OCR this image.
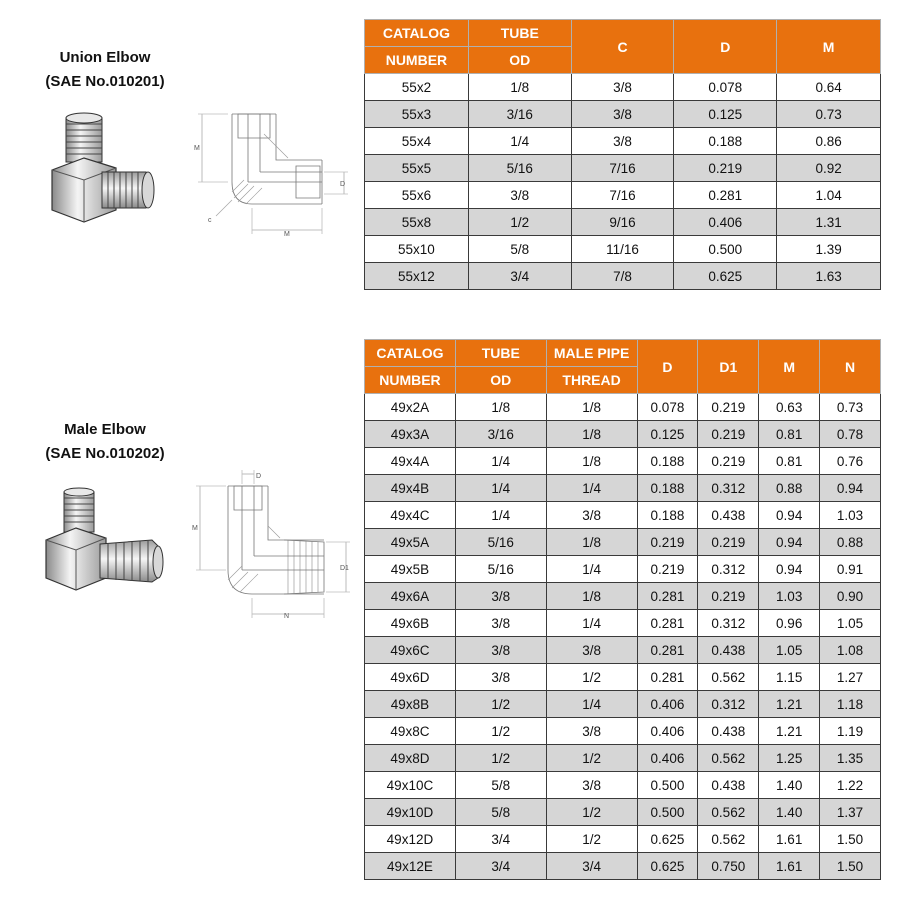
Union Elbow
(SAE No.010201)
M
D
c
M
CATALOG	TUBE	C	D	M
NUMBER	OD			
55x2	1/8	3/8	0.078	0.64
55x3	3/16	3/8	0.125	0.73
55x4	1/4	3/8	0.188	0.86
55x5	5/16	7/16	0.219	0.92
55x6	3/8	7/16	0.281	1.04
55x8	1/2	9/16	0.406	1.31
55x10	5/8	11/16	0.500	1.39
55x12	3/4	7/8	0.625	1.63
Male Elbow
(SAE No.010202)
D
M
D1
N
CATALOG	TUBE	MALE PIPE	D	D1	M	N
NUMBER	OD	THREAD				
49x2A	1/8	1/8	0.078	0.219	0.63	0.73
49x3A	3/16	1/8	0.125	0.219	0.81	0.78
49x4A	1/4	1/8	0.188	0.219	0.81	0.76
49x4B	1/4	1/4	0.188	0.312	0.88	0.94
49x4C	1/4	3/8	0.188	0.438	0.94	1.03
49x5A	5/16	1/8	0.219	0.219	0.94	0.88
49x5B	5/16	1/4	0.219	0.312	0.94	0.91
49x6A	3/8	1/8	0.281	0.219	1.03	0.90
49x6B	3/8	1/4	0.281	0.312	0.96	1.05
49x6C	3/8	3/8	0.281	0.438	1.05	1.08
49x6D	3/8	1/2	0.281	0.562	1.15	1.27
49x8B	1/2	1/4	0.406	0.312	1.21	1.18
49x8C	1/2	3/8	0.406	0.438	1.21	1.19
49x8D	1/2	1/2	0.406	0.562	1.25	1.35
49x10C	5/8	3/8	0.500	0.438	1.40	1.22
49x10D	5/8	1/2	0.500	0.562	1.40	1.37
49x12D	3/4	1/2	0.625	0.562	1.61	1.50
49x12E	3/4	3/4	0.625	0.750	1.61	1.50
